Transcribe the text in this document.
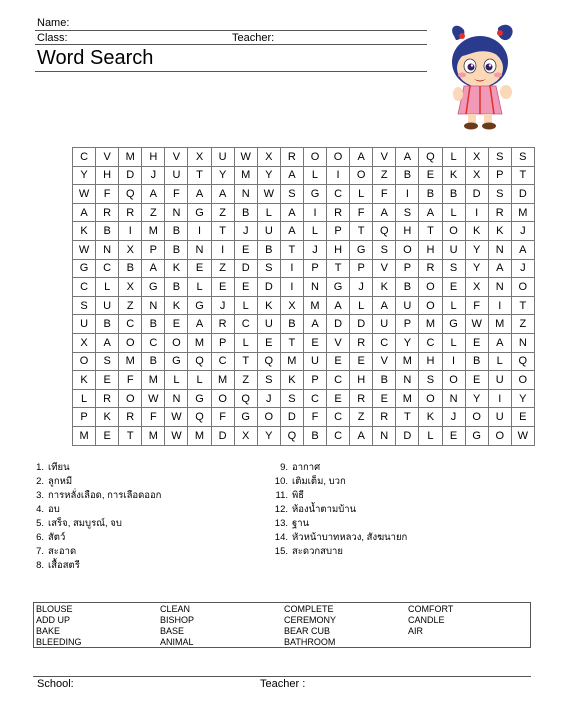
Name:
Class:	Teacher:
Word Search
C	V	M	H	V	X	U	W	X	R	O	O	A	V	A	Q	L	X	S	S
Y	H	D	J	U	T	Y	M	Y	A	L	I	O	Z	B	E	K	X	P	T
W	F	Q	A	F	A	A	N	W	S	G	C	L	F	I	B	B	D	S	D
A	R	R	Z	N	G	Z	B	L	A	I	R	F	A	S	A	L	I	R	M
K	B	I	M	B	I	T	J	U	A	L	P	T	Q	H	T	O	K	K	J
W	N	X	P	B	N	I	E	B	T	J	H	G	S	O	H	U	Y	N	A
G	C	B	A	K	E	Z	D	S	I	P	T	P	V	P	R	S	Y	A	J
C	L	X	G	B	L	E	E	D	I	N	G	J	K	B	O	E	X	N	O
S	U	Z	N	K	G	J	L	K	X	M	A	L	A	U	O	L	F	I	T
U	B	C	B	E	A	R	C	U	B	A	D	D	U	P	M	G	W	M	Z
X	A	O	C	O	M	P	L	E	T	E	V	R	C	Y	C	L	E	A	N
O	S	M	B	G	Q	C	T	Q	M	U	E	E	V	M	H	I	B	L	Q
K	E	F	M	L	L	M	Z	S	K	P	C	H	B	N	S	O	E	U	O
L	R	O	W	N	G	O	Q	J	S	C	E	R	E	M	O	N	Y	I	Y
P	K	R	F	W	Q	F	G	O	D	F	C	Z	R	T	K	J	O	U	E
M	E	T	M	W	M	D	X	Y	Q	B	C	A	N	D	L	E	G	O	W
1 . เทียน
2 . ลูกหมี
3 . การหลั่งเลือด, การเลือดออก
4 . อบ
5 . เสร็จ, สมบูรณ์, จบ
6 . สัตว์
7 . สะอาด
8 . เสื้อสตรี
9 . อากาศ
10 . เติมเต็ม, บวก
11 . พิธี
12 . ห้องน้ำตามบ้าน
13 . ฐาน
14 . หัวหน้าบาทหลวง, สังฆนายก
15 . สะดวกสบาย
BLOUSE	CLEAN	COMPLETE	COMFORT
ADD UP	BISHOP	CEREMONY	CANDLE
BAKE	BASE	BEAR CUB	AIR
BLEEDING	ANIMAL	BATHROOM
School:	Teacher :
